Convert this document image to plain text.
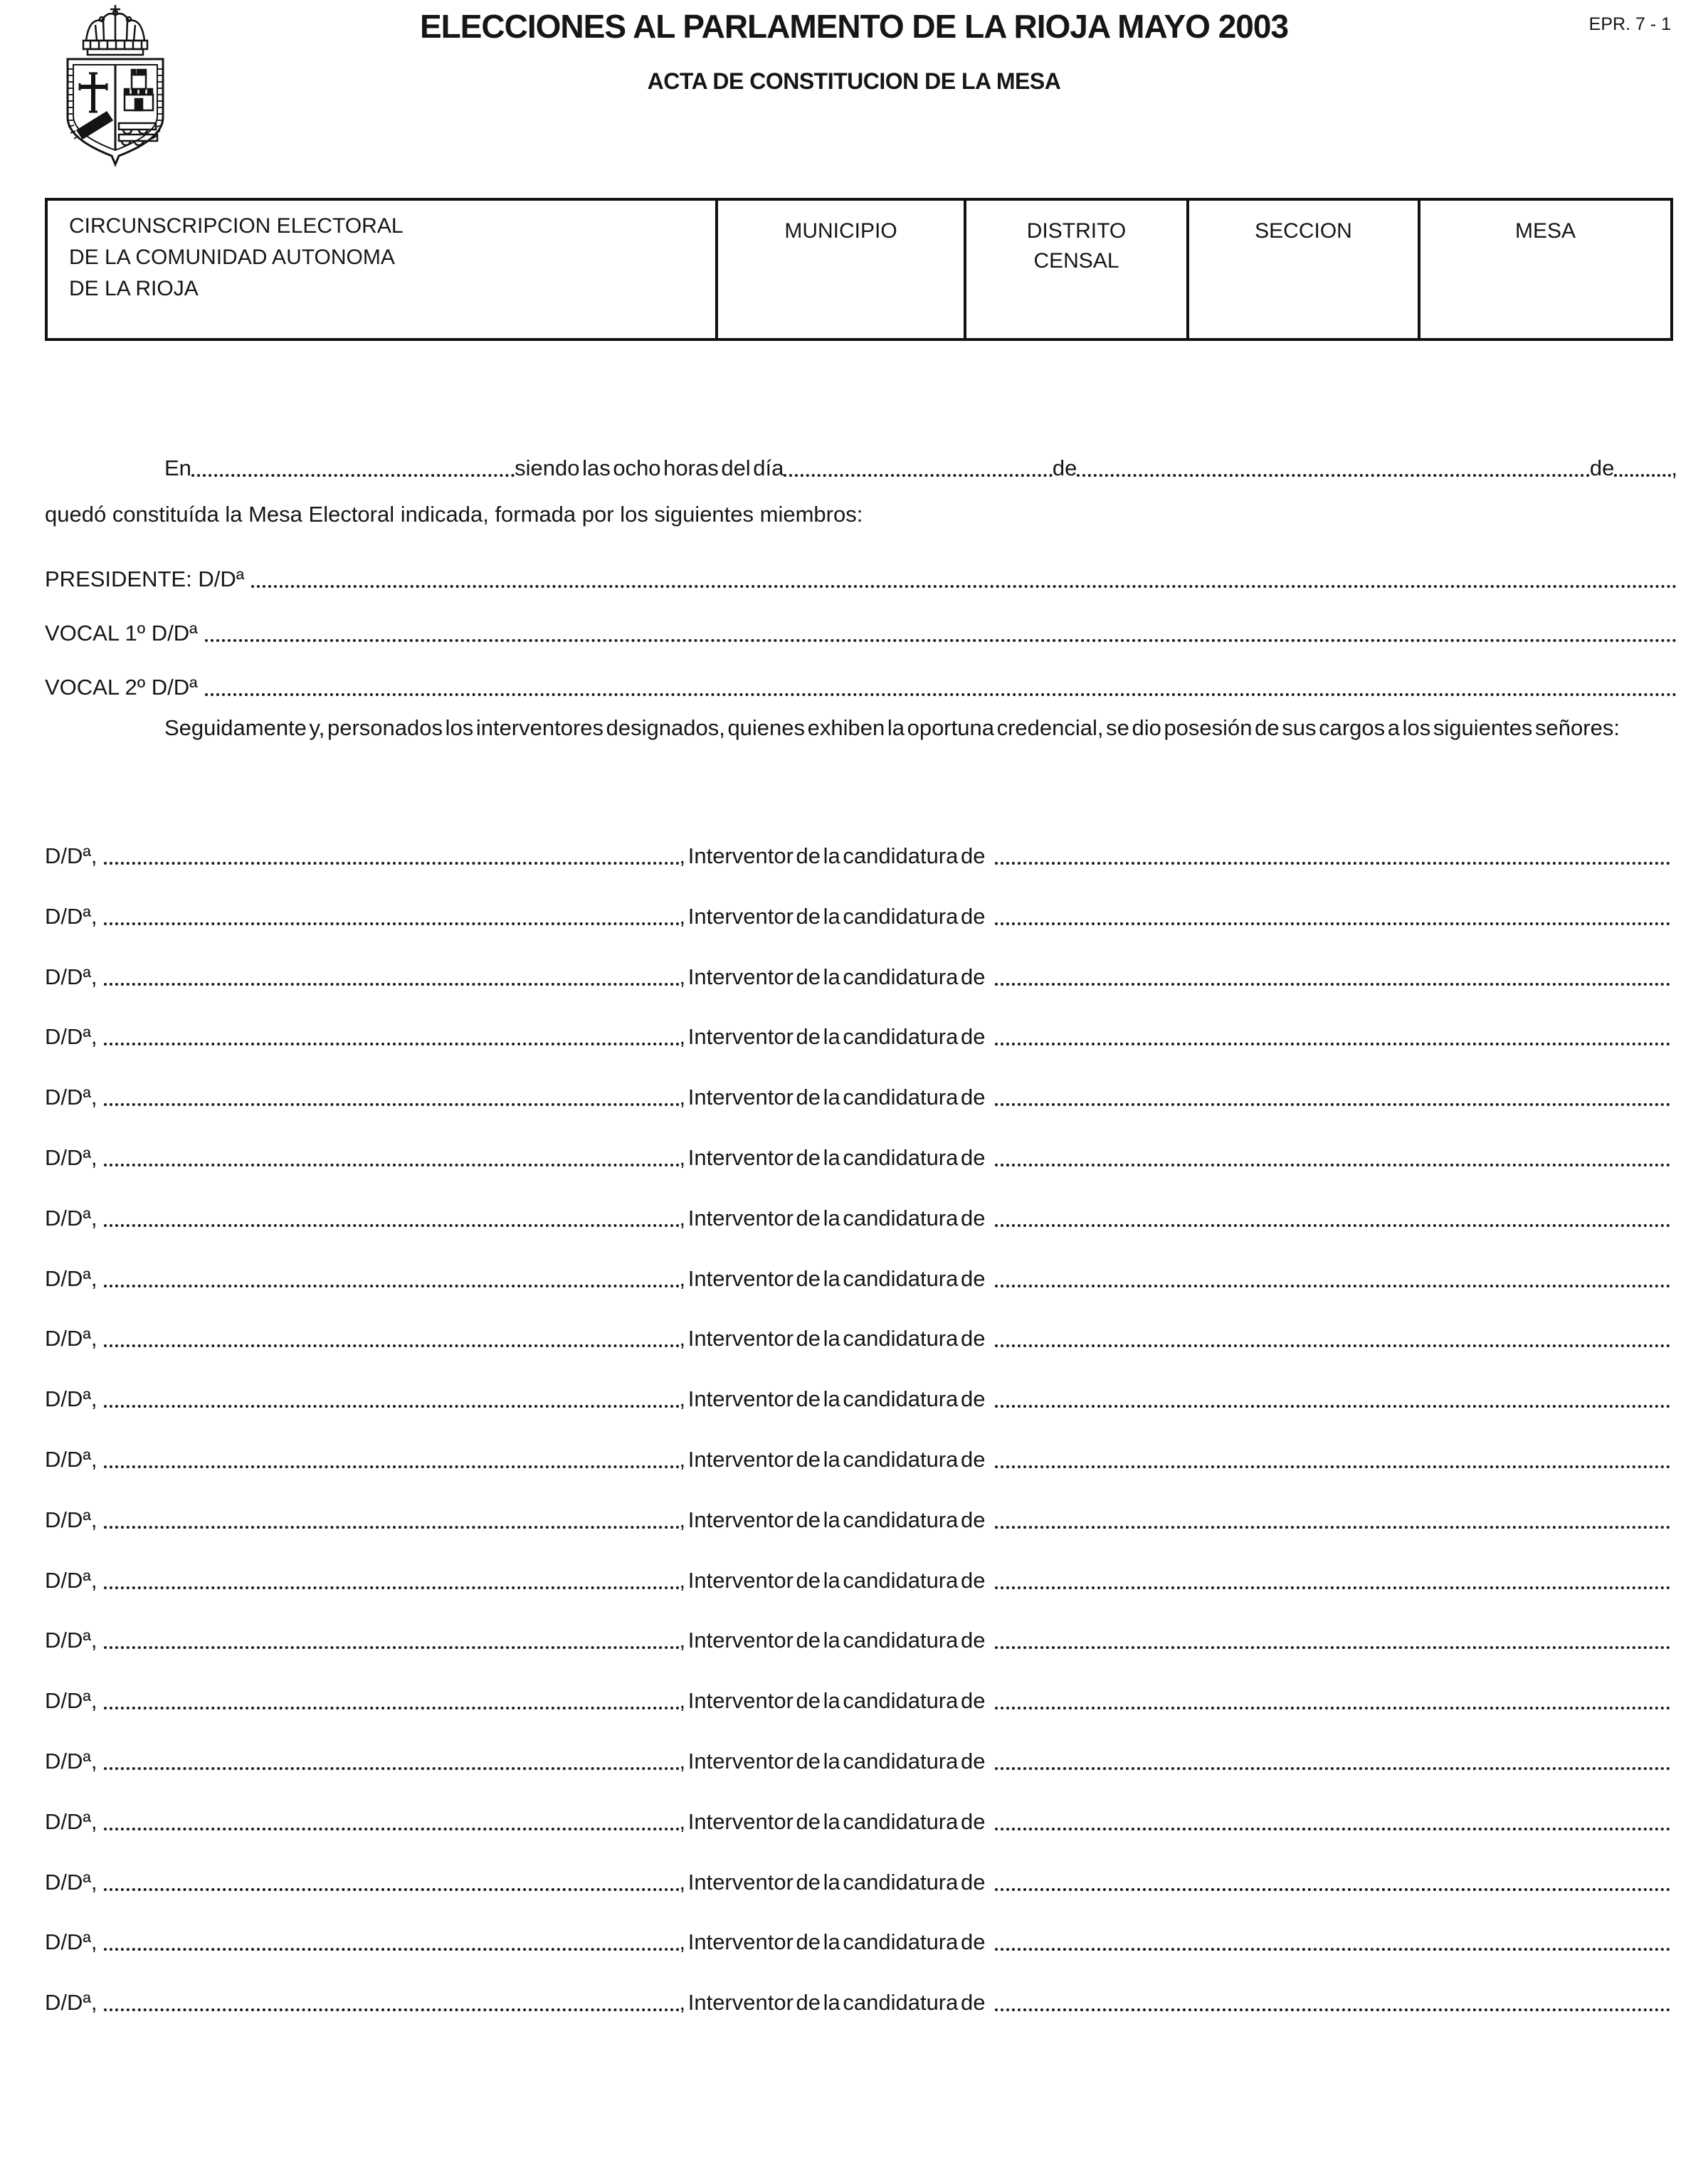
ELECCIONES AL PARLAMENTO DE LA RIOJA MAYO 2003
ACTA DE CONSTITUCION DE LA MESA
EPR. 7 - 1
CIRCUNSCRIPCION ELECTORAL
DE LA COMUNIDAD AUTONOMA
DE LA RIOJA
	MUNICIPIO	DISTRITO CENSAL	SECCION	MESA
En	siendo las ocho horas del día	de	de	,
quedó constituída la Mesa Electoral indicada, formada por los siguientes miembros:
PRESIDENTE: D/Dª
VOCAL 1º D/Dª
VOCAL 2º D/Dª
Seguidamente y, personados los interventores designados, quienes exhiben la oportuna credencial, se dio posesión de sus cargos a los siguientes señores:
D/Dª,	, Interventor de la candidatura de
D/Dª,	, Interventor de la candidatura de
D/Dª,	, Interventor de la candidatura de
D/Dª,	, Interventor de la candidatura de
D/Dª,	, Interventor de la candidatura de
D/Dª,	, Interventor de la candidatura de
D/Dª,	, Interventor de la candidatura de
D/Dª,	, Interventor de la candidatura de
D/Dª,	, Interventor de la candidatura de
D/Dª,	, Interventor de la candidatura de
D/Dª,	, Interventor de la candidatura de
D/Dª,	, Interventor de la candidatura de
D/Dª,	, Interventor de la candidatura de
D/Dª,	, Interventor de la candidatura de
D/Dª,	, Interventor de la candidatura de
D/Dª,	, Interventor de la candidatura de
D/Dª,	, Interventor de la candidatura de
D/Dª,	, Interventor de la candidatura de
D/Dª,	, Interventor de la candidatura de
D/Dª,	, Interventor de la candidatura de
